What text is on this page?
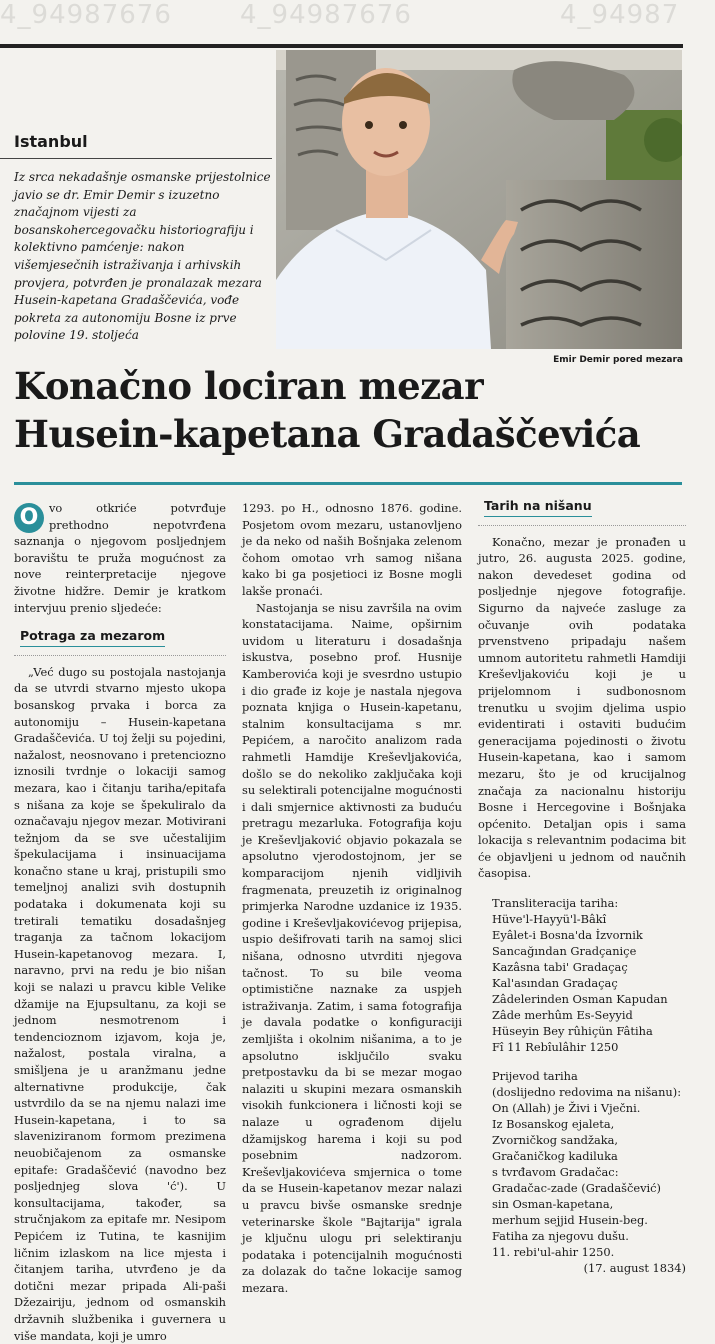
4_94987676	4_94987676	4_94987
Istanbul
Iz srca nekadašnje osmanske prijestolnice javio se dr. Emir Demir s izuzetno značajnom vijesti za bosanskohercegovačku historiografiju i kolektivno pamćenje: nakon višemjesečnih istraživanja i arhivskih provjera, potvrđen je pronalazak mezara Husein-kapetana Gradaščevića, vođe pokreta za autonomiju Bosne iz prve polovine 19. stoljeća
Emir Demir pored mezara
Konačno lociran mezar
Husein-kapetana Gradaščevića

O vo otkriće potvrđuje prethodno nepotvrđena saznanja o njegovom posljednjem boravištu te pruža mogućnost za nove reinterpretacije njegove životne hidžre. Demir je kratkom intervjuu prenio sljedeće:

Potraga za mezarom

„Već dugo su postojala nastojanja da se utvrdi stvarno mjesto ukopa bosanskog prvaka i borca za autonomiju – Husein-kapetana Gradaščevića. U toj želji su pojedini, nažalost, neosnovano i pretenciozno iznosili tvrdnje o lokaciji samog mezara, kao i čitanju tariha/epitafa s nišana za koje se špekuliralo da označavaju njegov mezar. Motivirani težnjom da se sve učestalijim špekulacijama i insinuacijama konačno stane u kraj, pristupili smo temeljnoj analizi svih dostupnih podataka i dokumenata koji su tretirali tematiku dosadašnjeg traganja za tačnom lokacijom Husein-kapetanovog mezara. I, naravno, prvi na redu je bio nišan koji se nalazi u pravcu kible Velike džamije na Ejupsultanu, za koji se jednom nesmotrenom i tendencioznom izjavom, koja je, nažalost, postala viralna, a smišljena je u aranžmanu jedne alternativne produkcije, čak ustvrdilo da se na njemu nalazi ime Husein-kapetana, i to sa slaveniziranom formom prezimena neuobičajenom za osmanske epitafe: Gradaščević (navodno bez posljednjeg slova 'ć'). U konsultacijama, također, sa stručnjakom za epitafe mr. Nesipom Pepićem iz Tutina, te kasnijim ličnim izlaskom na lice mjesta i čitanjem tariha, utvrđeno je da dotični mezar pripada Ali-paši Džezairiju, jednom od osmanskih državnih službenika i guvernera u više mandata, koji je umro

1293. po H., odnosno 1876. godine. Posjetom ovom mezaru, ustanovljeno je da neko od naših Bošnjaka zelenom čohom omotao vrh samog nišana kako bi ga posjetioci iz Bosne mogli lakše pronaći.

Nastojanja se nisu završila na ovim konstatacijama. Naime, opširnim uvidom u literaturu i dosadašnja iskustva, posebno prof. Husnije Kamberovića koji je svesrdno ustupio i dio građe iz koje je nastala njegova poznata knjiga o Husein-kapetanu, stalnim konsultacijama s mr. Pepićem, a naročito analizom rada rahmetli Hamdije Kreševljakovića, došlo se do nekoliko zaključaka koji su selektirali potencijalne mogućnosti i dali smjernice aktivnosti za buduću pretragu mezarluka. Fotografija koju je Kreševljaković objavio pokazala se apsolutno vjerodostojnom, jer se komparacijom njenih vidljivih fragmenata, preuzetih iz originalnog primjerka Narodne uzdanice iz 1935. godine i Kreševljakovićevog prijepisa, uspio dešifrovati tarih na samoj slici nišana, odnosno utvrditi njegova tačnost. To su bile veoma optimistične naznake za uspjeh istraživanja. Zatim, i sama fotografija je davala podatke o konfiguraciji zemljišta i okolnim nišanima, a to je apsolutno isključilo svaku pretpostavku da bi se mezar mogao nalaziti u skupini mezara osmanskih visokih funkcionera i ličnosti koji se nalaze u ograđenom dijelu džamijskog harema i koji su pod posebnim nadzorom. Kreševljakovićeva smjernica o tome da se Husein-kapetanov mezar nalazi u pravcu bivše osmanske srednje veterinarske škole "Bajtarija" igrala je ključnu ulogu pri selektiranju podataka i potencijalnih mogućnosti za dolazak do tačne lokacije samog mezara.

Tarih na nišanu

Konačno, mezar je pronađen u jutro, 26. augusta 2025. godine, nakon devedeset godina od posljednje njegove fotografije. Sigurno da najveće zasluge za očuvanje ovih podataka prvenstveno pripadaju našem umnom autoritetu rahmetli Hamdiji Kreševljakoviću koji je u prijelomnom i sudbonosnom trenutku u svojim djelima uspio evidentirati i ostaviti budućim generacijama pojedinosti o životu Husein-kapetana, kao i samom mezaru, što je od krucijalnog značaja za nacionalnu historiju Bosne i Hercegovine i Bošnjaka općenito. Detaljan opis i sama lokacija s relevantnim podacima bit će objavljeni u jednom od naučnih časopisa.

Transliteracija tariha:

Hüve'l-Hayyü'l-Bâkî

Eyâlet-i Bosna'da İzvornik

Sancağından Gradçaniçe

Kazâsna tabi' Gradaçaç

Kal'asından Gradaçaç

Zâdelerinden Osman Kapudan

Zâde merhûm Es-Seyyid

Hüseyin Bey rûhiçün Fâtiha

Fî 11 Rebîulâhir 1250

Prijevod tariha

(doslijedno redovima na nišanu):

On (Allah) je Živi i Vječni.

Iz Bosanskog ejaleta,

Zvorničkog sandžaka,

Gračaničkog kadiluka

s tvrđavom Gradačac:

Gradačac-zade (Gradaščević)

sin Osman-kapetana,

merhum sejjid Husein-beg.

Fatiha za njegovu dušu.

11. rebi'ul-ahir 1250.

(17. august 1834)
